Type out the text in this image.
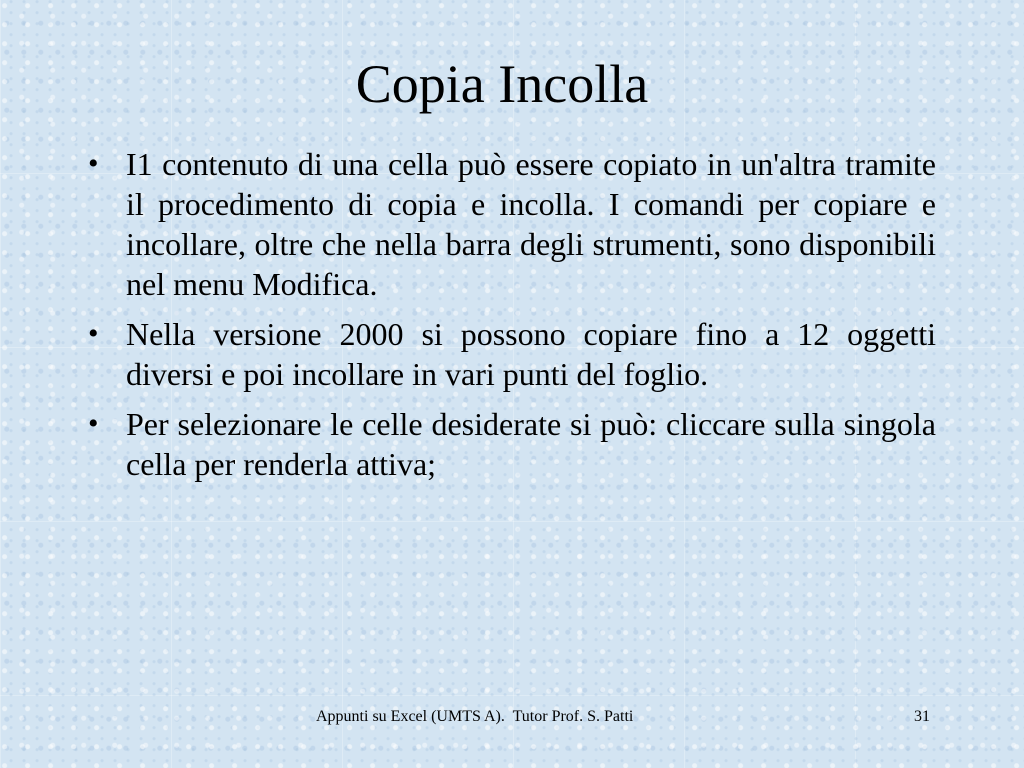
Copia Incolla
• I1 contenuto di una cella può essere copiato in un'altra tramite il procedimento di copia e incolla. I comandi per copiare e incollare, oltre che nella barra degli strumenti, sono disponibili nel menu Modifica.
• Nella versione 2000 si possono copiare fino a 12 oggetti diversi e poi incollare in vari punti del foglio.
• Per selezionare le celle desiderate si può: cliccare sulla singola cella per renderla attiva;
Appunti su Excel (UMTS A).  Tutor Prof. S. Patti	31
